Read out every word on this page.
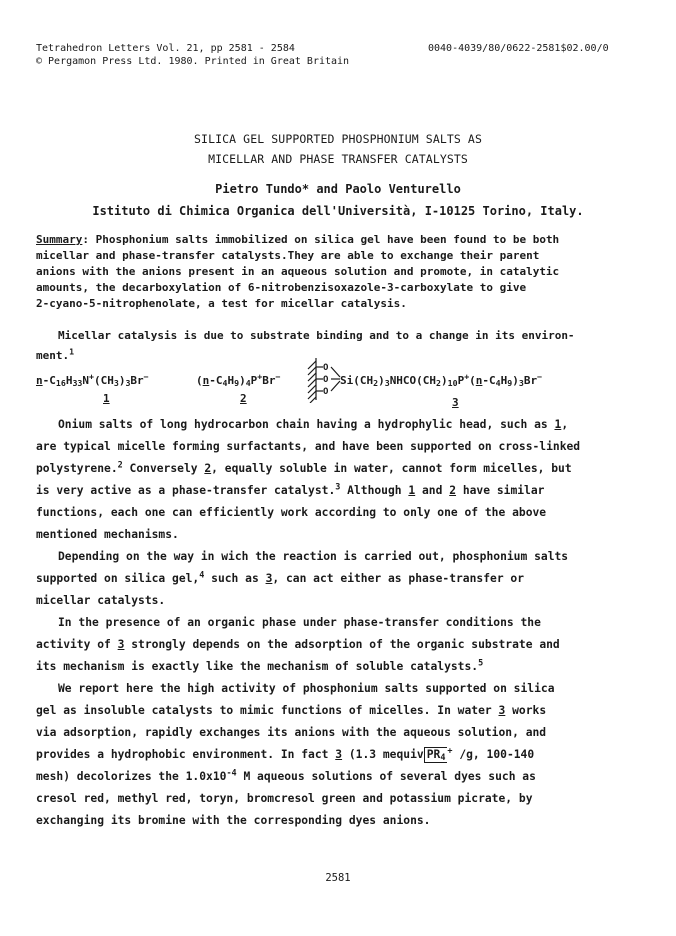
Tetrahedron Letters Vol. 21, pp 2581 - 2584
© Pergamon Press Ltd. 1980. Printed in Great Britain
0040-4039/80/0622-2581$02.00/0
SILICA GEL SUPPORTED PHOSPHONIUM SALTS AS
MICELLAR AND PHASE TRANSFER CATALYSTS
Pietro Tundo* and Paolo Venturello
Istituto di Chimica Organica dell'Università, I-10125 Torino, Italy.
Summary: Phosphonium salts immobilized on silica gel have been found to be both
micellar and phase-transfer catalysts.They are able to exchange their parent
anions with the anions present in an aqueous solution and promote, in catalytic
amounts, the decarboxylation of 6-nitrobenzisoxazole-3-carboxylate to give
2-cyano-5-nitrophenolate, a test for micellar catalysis.
Micellar catalysis is due to substrate binding and to a change in its environ-
ment.$^1$
$n-C_{16}H_{33}N^+(CH_3)_3Br^-$
1
$(n-C_4H_9)_4P^+Br^-$
2
O
O
O
$Si(CH_2)_3NHCO(CH_2)_{10}P^+(n-C_4H_9)_3Br^-$
3
Onium salts of long hydrocarbon chain having a hydrophylic head, such as 1,
are typical micelle forming surfactants, and have been supported on cross-linked
polystyrene.$^2$ Conversely 2, equally soluble in water, cannot form micelles, but
is very active as a phase-transfer catalyst.$^3$ Although 1 and 2 have similar
functions, each one can efficiently work according to only one of the above
mentioned mechanisms.
Depending on the way in wich the reaction is carried out, phosphonium salts
supported on silica gel,$^4$ such as 3, can act either as phase-transfer or
micellar catalysts.
In the presence of an organic phase under phase-transfer conditions the
activity of 3 strongly depends on the adsorption of the organic substrate and
its mechanism is exactly like the mechanism of soluble catalysts.$^5$
We report here the high activity of phosphonium salts supported on silica
gel as insoluble catalysts to mimic functions of micelles. In water 3 works
via adsorption, rapidly exchanges its anions with the aqueous solution, and
provides a hydrophobic environment. In fact 3 (1.3 mequiv $PR_4^+$ /g, 100-140
mesh) decolorizes the $1.0x10^{-4}$ M aqueous solutions of several dyes such as
cresol red, methyl red, toryn, bromcresol green and potassium picrate, by
exchanging its bromine with the corresponding dyes anions.
2581
